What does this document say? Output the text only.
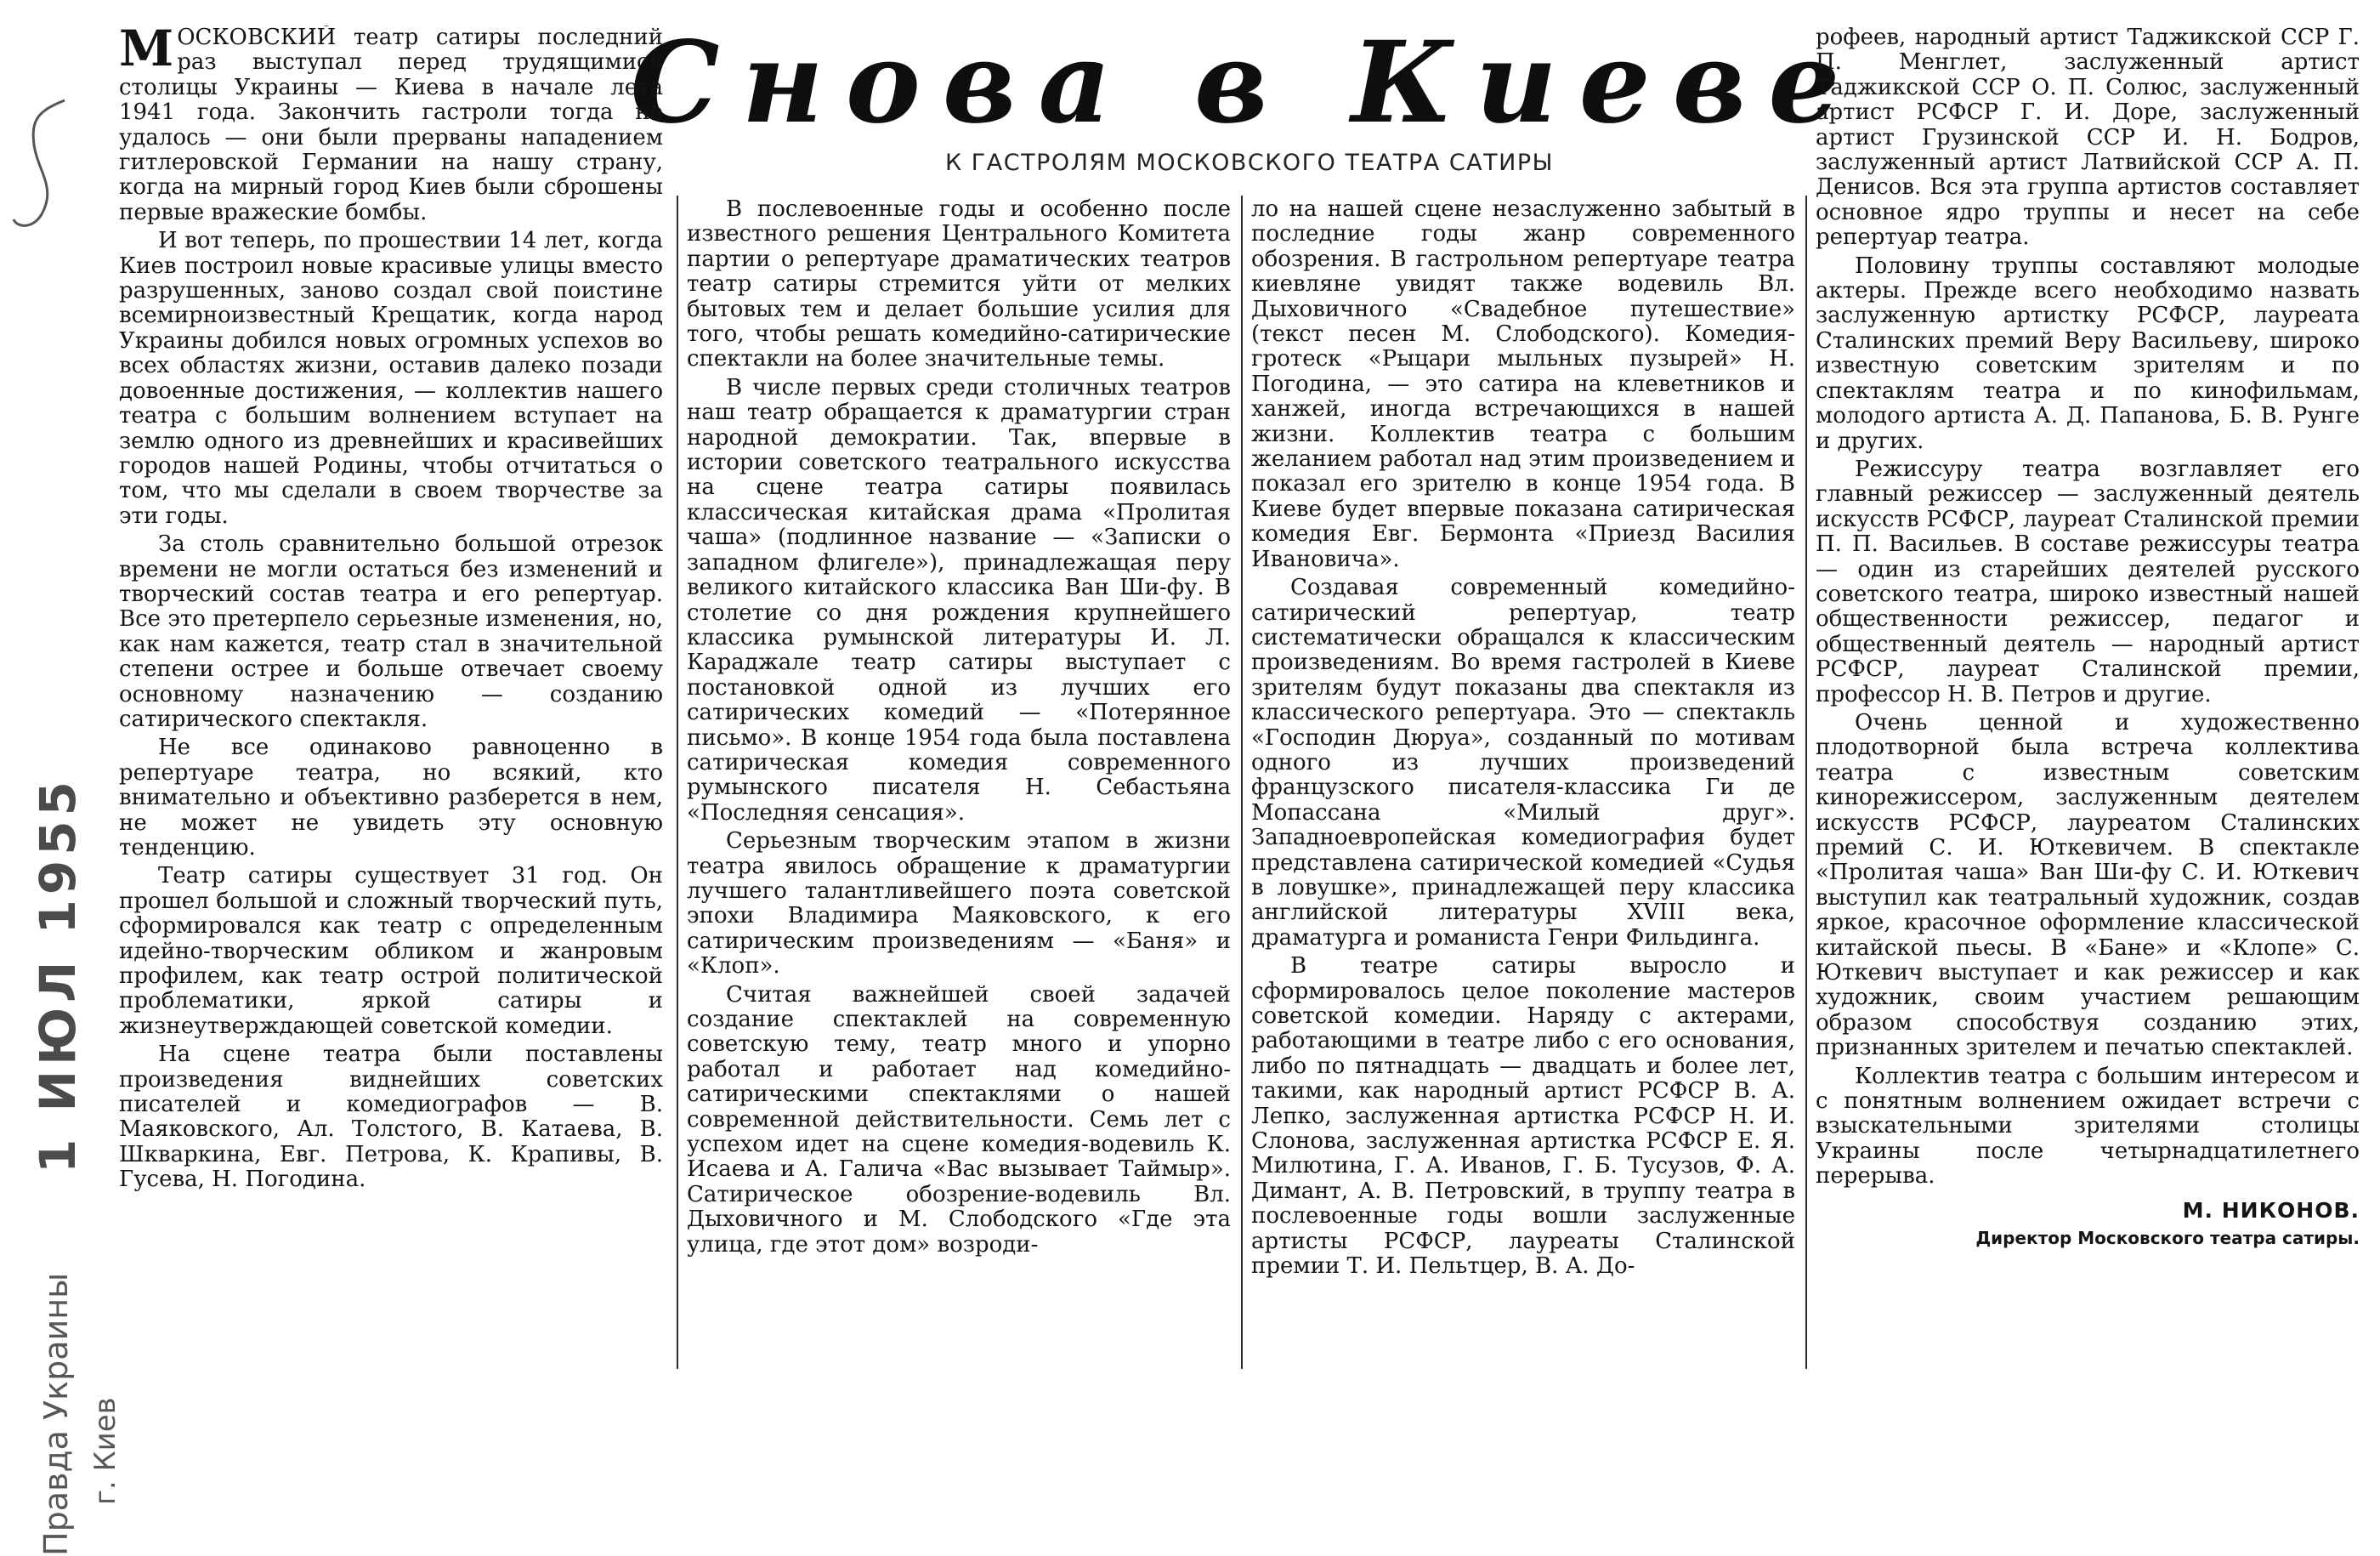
1 ИЮЛ 1955
Правда Украины г. Киев
Снова в Киеве
К ГАСТРОЛЯМ МОСКОВСКОГО ТЕАТРА САТИРЫ

МОСКОВСКИЙ театр сатиры последний раз выступал перед трудящимися столицы Украины — Киева в начале лета 1941 года. Закончить гастроли тогда не удалось — они были прерваны нападением гитлеровской Германии на нашу страну, когда на мирный город Киев были сброшены первые вражеские бомбы.

И вот теперь, по прошествии 14 лет, когда Киев построил новые красивые улицы вместо разрушенных, заново создал свой поистине всемирноизвестный Крещатик, когда народ Украины добился новых огромных успехов во всех областях жизни, оставив далеко позади довоенные достижения, — коллектив нашего театра с большим волнением вступает на землю одного из древнейших и красивейших городов нашей Родины, чтобы отчитаться о том, что мы сделали в своем творчестве за эти годы.

За столь сравнительно большой отрезок времени не могли остаться без изменений и творческий состав театра и его репертуар. Все это претерпело серьезные изменения, но, как нам кажется, театр стал в значительной степени острее и больше отвечает своему основному назначению — созданию сатирического спектакля.

Не все одинаково равноценно в репертуаре театра, но всякий, кто внимательно и объективно разберется в нем, не может не увидеть эту основную тенденцию.

Театр сатиры существует 31 год. Он прошел большой и сложный творческий путь, сформировался как театр с определенным идейно-творческим обликом и жанровым профилем, как театр острой политической проблематики, яркой сатиры и жизнеутверждающей советской комедии.

На сцене театра были поставлены произведения виднейших советских писателей и комедиографов — В. Маяковского, Ал. Толстого, В. Катаева, В. Шкваркина, Евг. Петрова, К. Крапивы, В. Гусева, Н. Погодина.

В послевоенные годы и особенно после известного решения Центрального Комитета партии о репертуаре драматических театров театр сатиры стремится уйти от мелких бытовых тем и делает большие усилия для того, чтобы решать комедийно-сатирические спектакли на более значительные темы.

В числе первых среди столичных театров наш театр обращается к драматургии стран народной демократии. Так, впервые в истории советского театрального искусства на сцене театра сатиры появилась классическая китайская драма «Пролитая чаша» (подлинное название — «Записки о западном флигеле»), принадлежащая перу великого китайского классика Ван Ши-фу. В столетие со дня рождения крупнейшего классика румынской литературы И. Л. Караджале театр сатиры выступает с постановкой одной из лучших его сатирических комедий — «Потерянное письмо». В конце 1954 года была поставлена сатирическая комедия современного румынского писателя Н. Себастьяна «Последняя сенсация».

Серьезным творческим этапом в жизни театра явилось обращение к драматургии лучшего талантливейшего поэта советской эпохи Владимира Маяковского, к его сатирическим произведениям — «Баня» и «Клоп».

Считая важнейшей своей задачей создание спектаклей на современную советскую тему, театр много и упорно работал и работает над комедийно-сатирическими спектаклями о нашей современной действительности. Семь лет с успехом идет на сцене комедия-водевиль К. Исаева и А. Галича «Вас вызывает Таймыр». Сатирическое обозрение-водевиль Вл. Дыховичного и М. Слободского «Где эта улица, где этот дом» возроди-

ло на нашей сцене незаслуженно забытый в последние годы жанр современного обозрения. В гастрольном репертуаре театра киевляне увидят также водевиль Вл. Дыховичного «Свадебное путешествие» (текст песен М. Слободского). Комедия-гротеск «Рыцари мыльных пузырей» Н. Погодина, — это сатира на клеветников и ханжей, иногда встречающихся в нашей жизни. Коллектив театра с большим желанием работал над этим произведением и показал его зрителю в конце 1954 года. В Киеве будет впервые показана сатирическая комедия Евг. Бермонта «Приезд Василия Ивановича».

Создавая современный комедийно-сатирический репертуар, театр систематически обращался к классическим произведениям. Во время гастролей в Киеве зрителям будут показаны два спектакля из классического репертуара. Это — спектакль «Господин Дюруа», созданный по мотивам одного из лучших произведений французского писателя-классика Ги де Мопассана «Милый друг». Западноевропейская комедиография будет представлена сатирической комедией «Судья в ловушке», принадлежащей перу классика английской литературы XVIII века, драматурга и романиста Генри Фильдинга.

В театре сатиры выросло и сформировалось целое поколение мастеров советской комедии. Наряду с актерами, работающими в театре либо с его основания, либо по пятнадцать — двадцать и более лет, такими, как народный артист РСФСР В. А. Лепко, заслуженная артистка РСФСР Н. И. Слонова, заслуженная артистка РСФСР Е. Я. Милютина, Г. А. Иванов, Г. Б. Тусузов, Ф. А. Димант, А. В. Петровский, в труппу театра в послевоенные годы вошли заслуженные артисты РСФСР, лауреаты Сталинской премии Т. И. Пельтцер, В. А. До-

рофеев, народный артист Таджикской ССР Г. П. Менглет, заслуженный артист Таджикской ССР О. П. Солюс, заслуженный артист РСФСР Г. И. Доре, заслуженный артист Грузинской ССР И. Н. Бодров, заслуженный артист Латвийской ССР А. П. Денисов. Вся эта группа артистов составляет основное ядро труппы и несет на себе репертуар театра.

Половину труппы составляют молодые актеры. Прежде всего необходимо назвать заслуженную артистку РСФСР, лауреата Сталинских премий Веру Васильеву, широко известную советским зрителям и по спектаклям театра и по кинофильмам, молодого артиста А. Д. Папанова, Б. В. Рунге и других.

Режиссуру театра возглавляет его главный режиссер — заслуженный деятель искусств РСФСР, лауреат Сталинской премии П. П. Васильев. В составе режиссуры театра — один из старейших деятелей русского советского театра, широко известный нашей общественности режиссер, педагог и общественный деятель — народный артист РСФСР, лауреат Сталинской премии, профессор Н. В. Петров и другие.

Очень ценной и художественно плодотворной была встреча коллектива театра с известным советским кинорежиссером, заслуженным деятелем искусств РСФСР, лауреатом Сталинских премий С. И. Юткевичем. В спектакле «Пролитая чаша» Ван Ши-фу С. И. Юткевич выступил как театральный художник, создав яркое, красочное оформление классической китайской пьесы. В «Бане» и «Клопе» С. Юткевич выступает и как режиссер и как художник, своим участием решающим образом способствуя созданию этих, признанных зрителем и печатью спектаклей.

Коллектив театра с большим интересом и с понятным волнением ожидает встречи с взыскательными зрителями столицы Украины после четырнадцатилетнего перерыва.

М. НИКОНОВ.
Директор Московского театра сатиры.
